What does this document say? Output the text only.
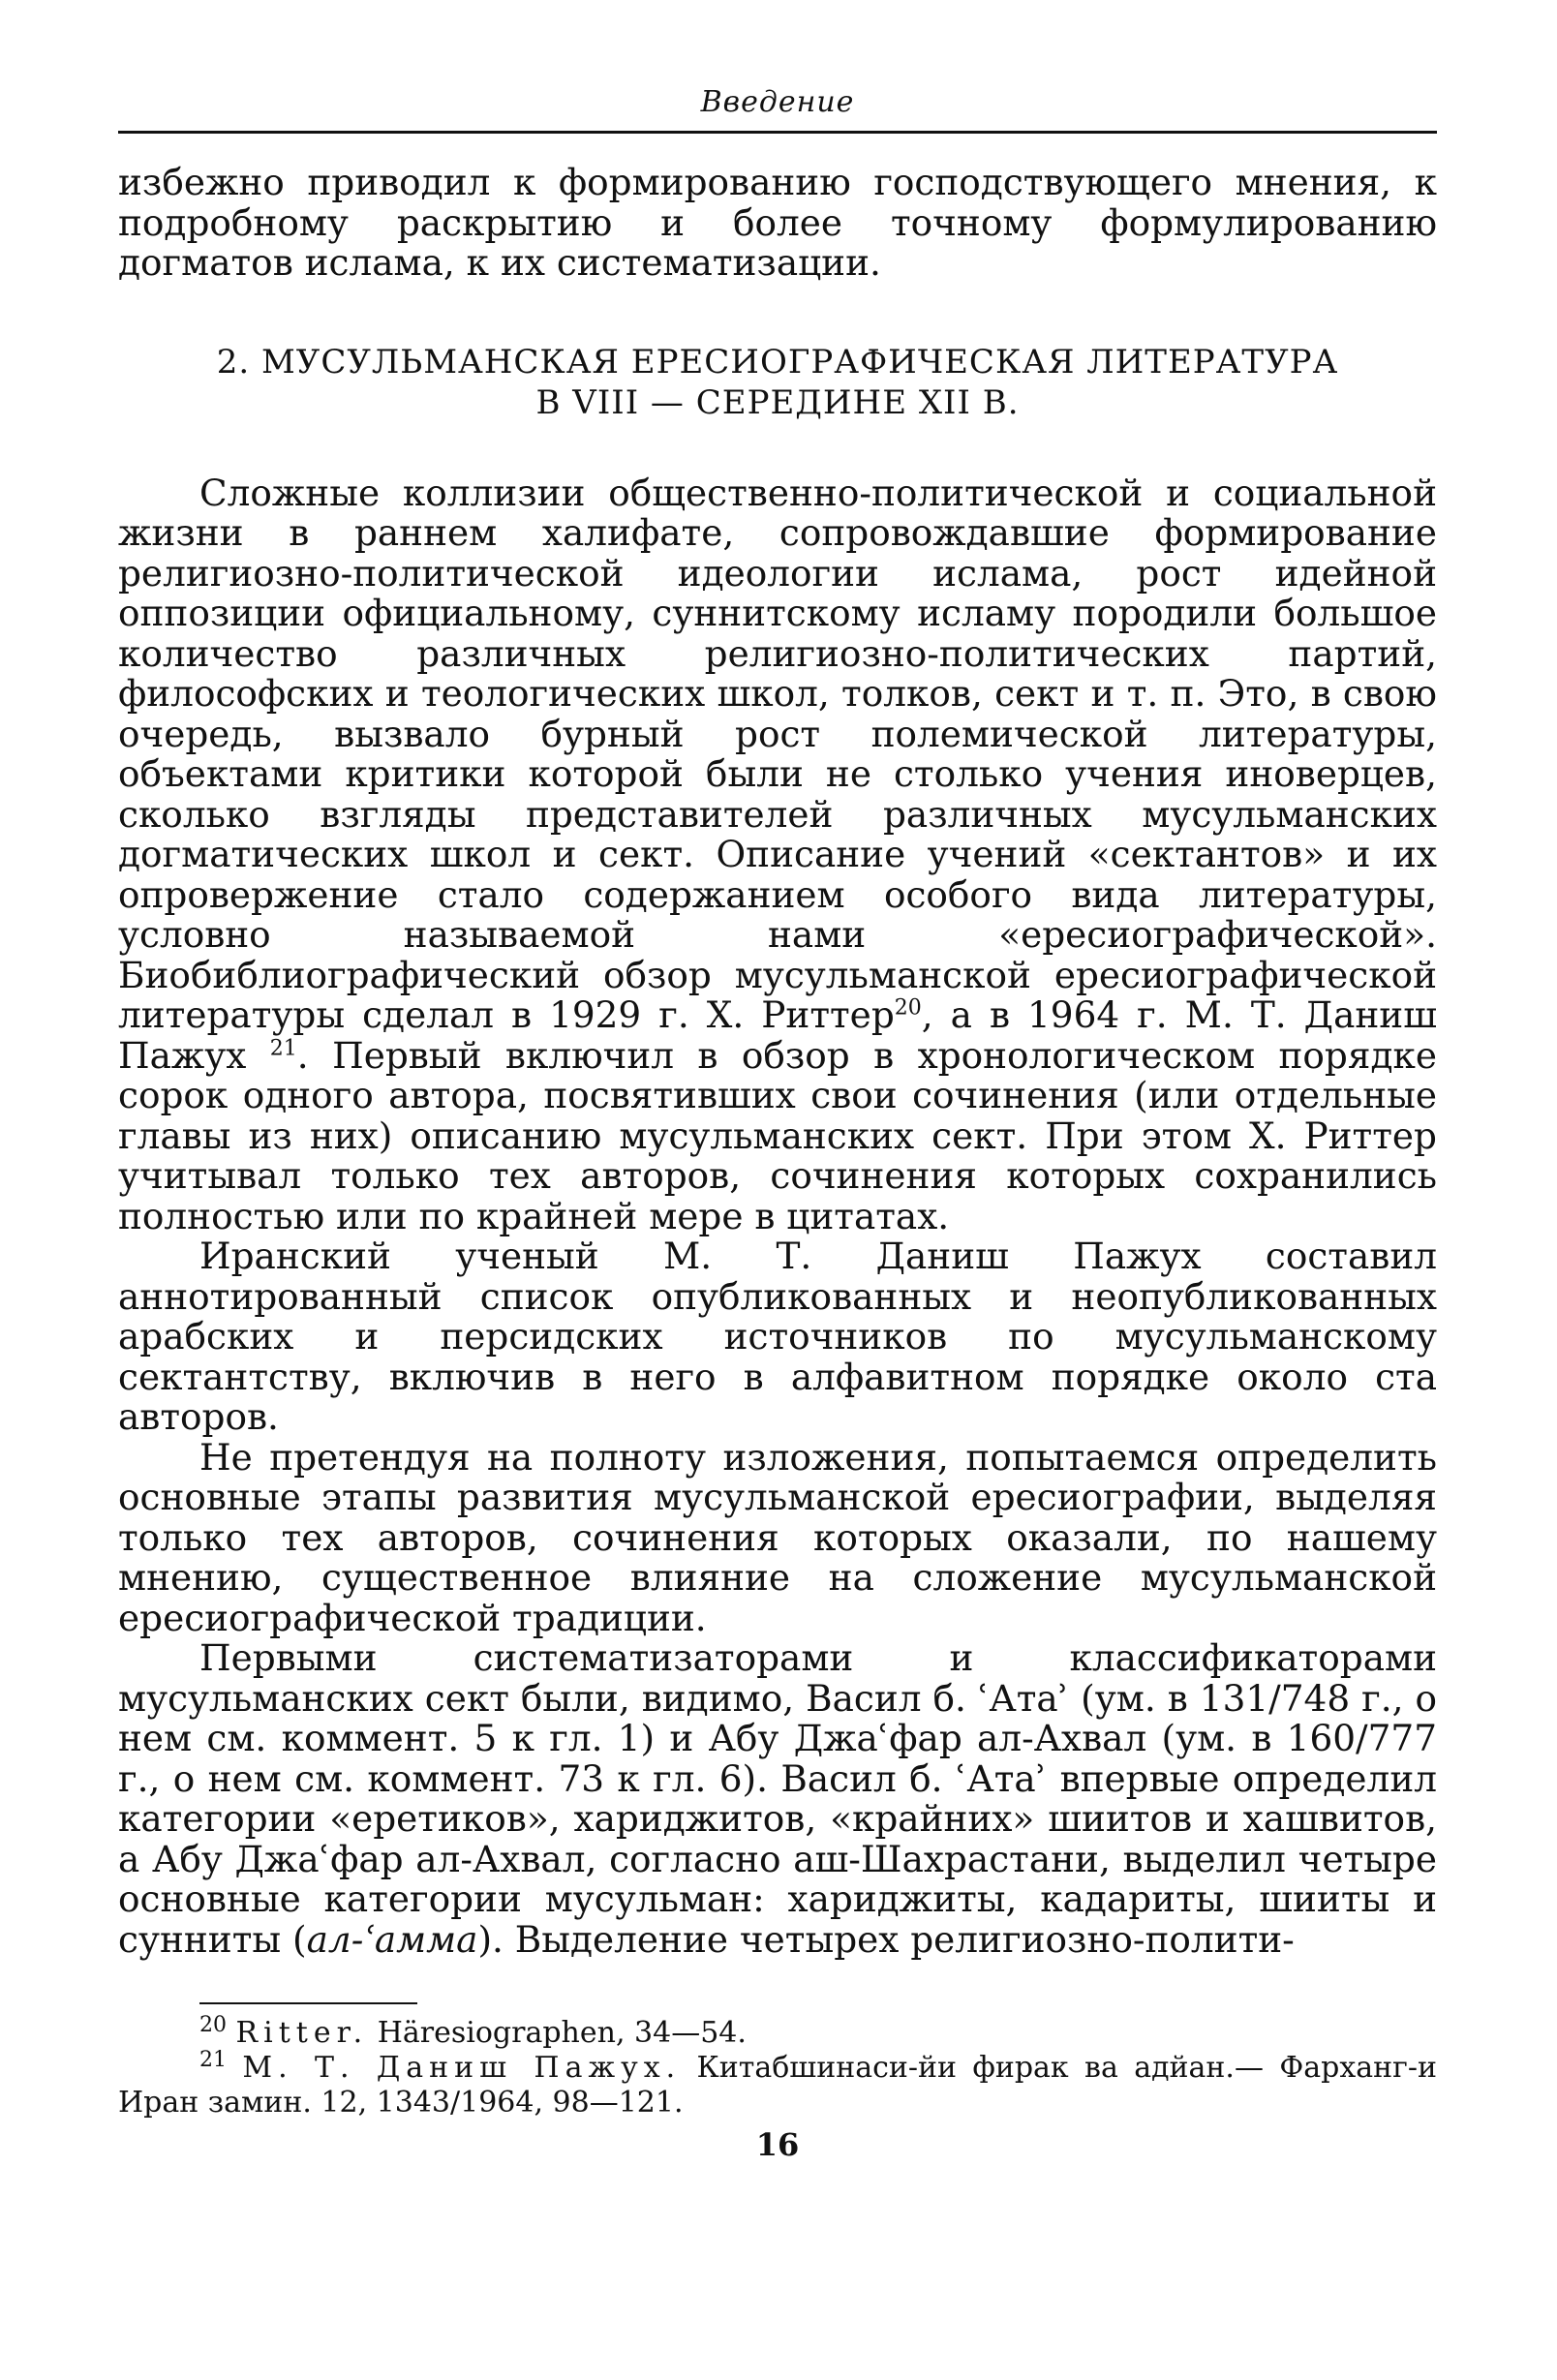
Введение

избежно приводил к формированию господствующего мнения, к подробному раскрытию и более точному формулированию догматов ислама, к их систематизации.

2. МУСУЛЬМАНСКАЯ ЕРЕСИОГРАФИЧЕСКАЯ ЛИТЕРАТУРА
В VIII — СЕРЕДИНЕ XII В.

Сложные коллизии общественно-политической и социальной жизни в раннем халифате, сопровождавшие формирование религиозно-политической идеологии ислама, рост идейной оппозиции официальному, суннитскому исламу породили большое количество различных религиозно-политических партий, философских и теологических школ, толков, сект и т. п. Это, в свою очередь, вызвало бурный рост полемической литературы, объектами критики которой были не столько учения иноверцев, сколько взгляды представителей различных мусульманских догматических школ и сект. Описание учений «сектантов» и их опровержение стало содержанием особого вида литературы, условно называемой нами «ересиографической». Биобиблиографический обзор мусульманской ересиографической литературы сделал в 1929 г. Х. Риттер$^{20}$, а в 1964 г. М. Т. Даниш Пажух $^{21}$. Первый включил в обзор в хронологическом порядке сорок одного автора, посвятивших свои сочинения (или отдельные главы из них) описанию мусульманских сект. При этом Х. Риттер учитывал только тех авторов, сочинения которых сохранились полностью или по крайней мере в цитатах.

Иранский ученый М. Т. Даниш Пажух составил аннотированный список опубликованных и неопубликованных арабских и персидских источников по мусульманскому сектантству, включив в него в алфавитном порядке около ста авторов.

Не претендуя на полноту изложения, попытаемся определить основные этапы развития мусульманской ересиографии, выделяя только тех авторов, сочинения которых оказали, по нашему мнению, существенное влияние на сложение мусульманской ересиографической традиции.

Первыми систематизаторами и классификаторами мусульманских сект были, видимо, Васил б. ʿАтаʾ (ум. в 131/748 г., о нем см. коммент. 5 к гл. 1) и Абу Джаʿфар ал-Ахвал (ум. в 160/777 г., о нем см. коммент. 73 к гл. 6). Васил б. ʿАтаʾ впервые определил категории «еретиков», хариджитов, «крайних» шиитов и хашвитов, а Абу Джаʿфар ал-Ахвал, согласно аш-Шахрастани, выделил четыре основные категории мусульман: хариджиты, кадариты, шииты и сунниты (ал-ʿамма). Выделение четырех религиозно-полити-

$^{20}$ Ritter. Häresiographen, 34—54.

$^{21}$ М. Т. Даниш Пажух. Китабшинаси-йи фирак ва адйан.— Фарханг-и Иран замин. 12, 1343/1964, 98—121.

16
